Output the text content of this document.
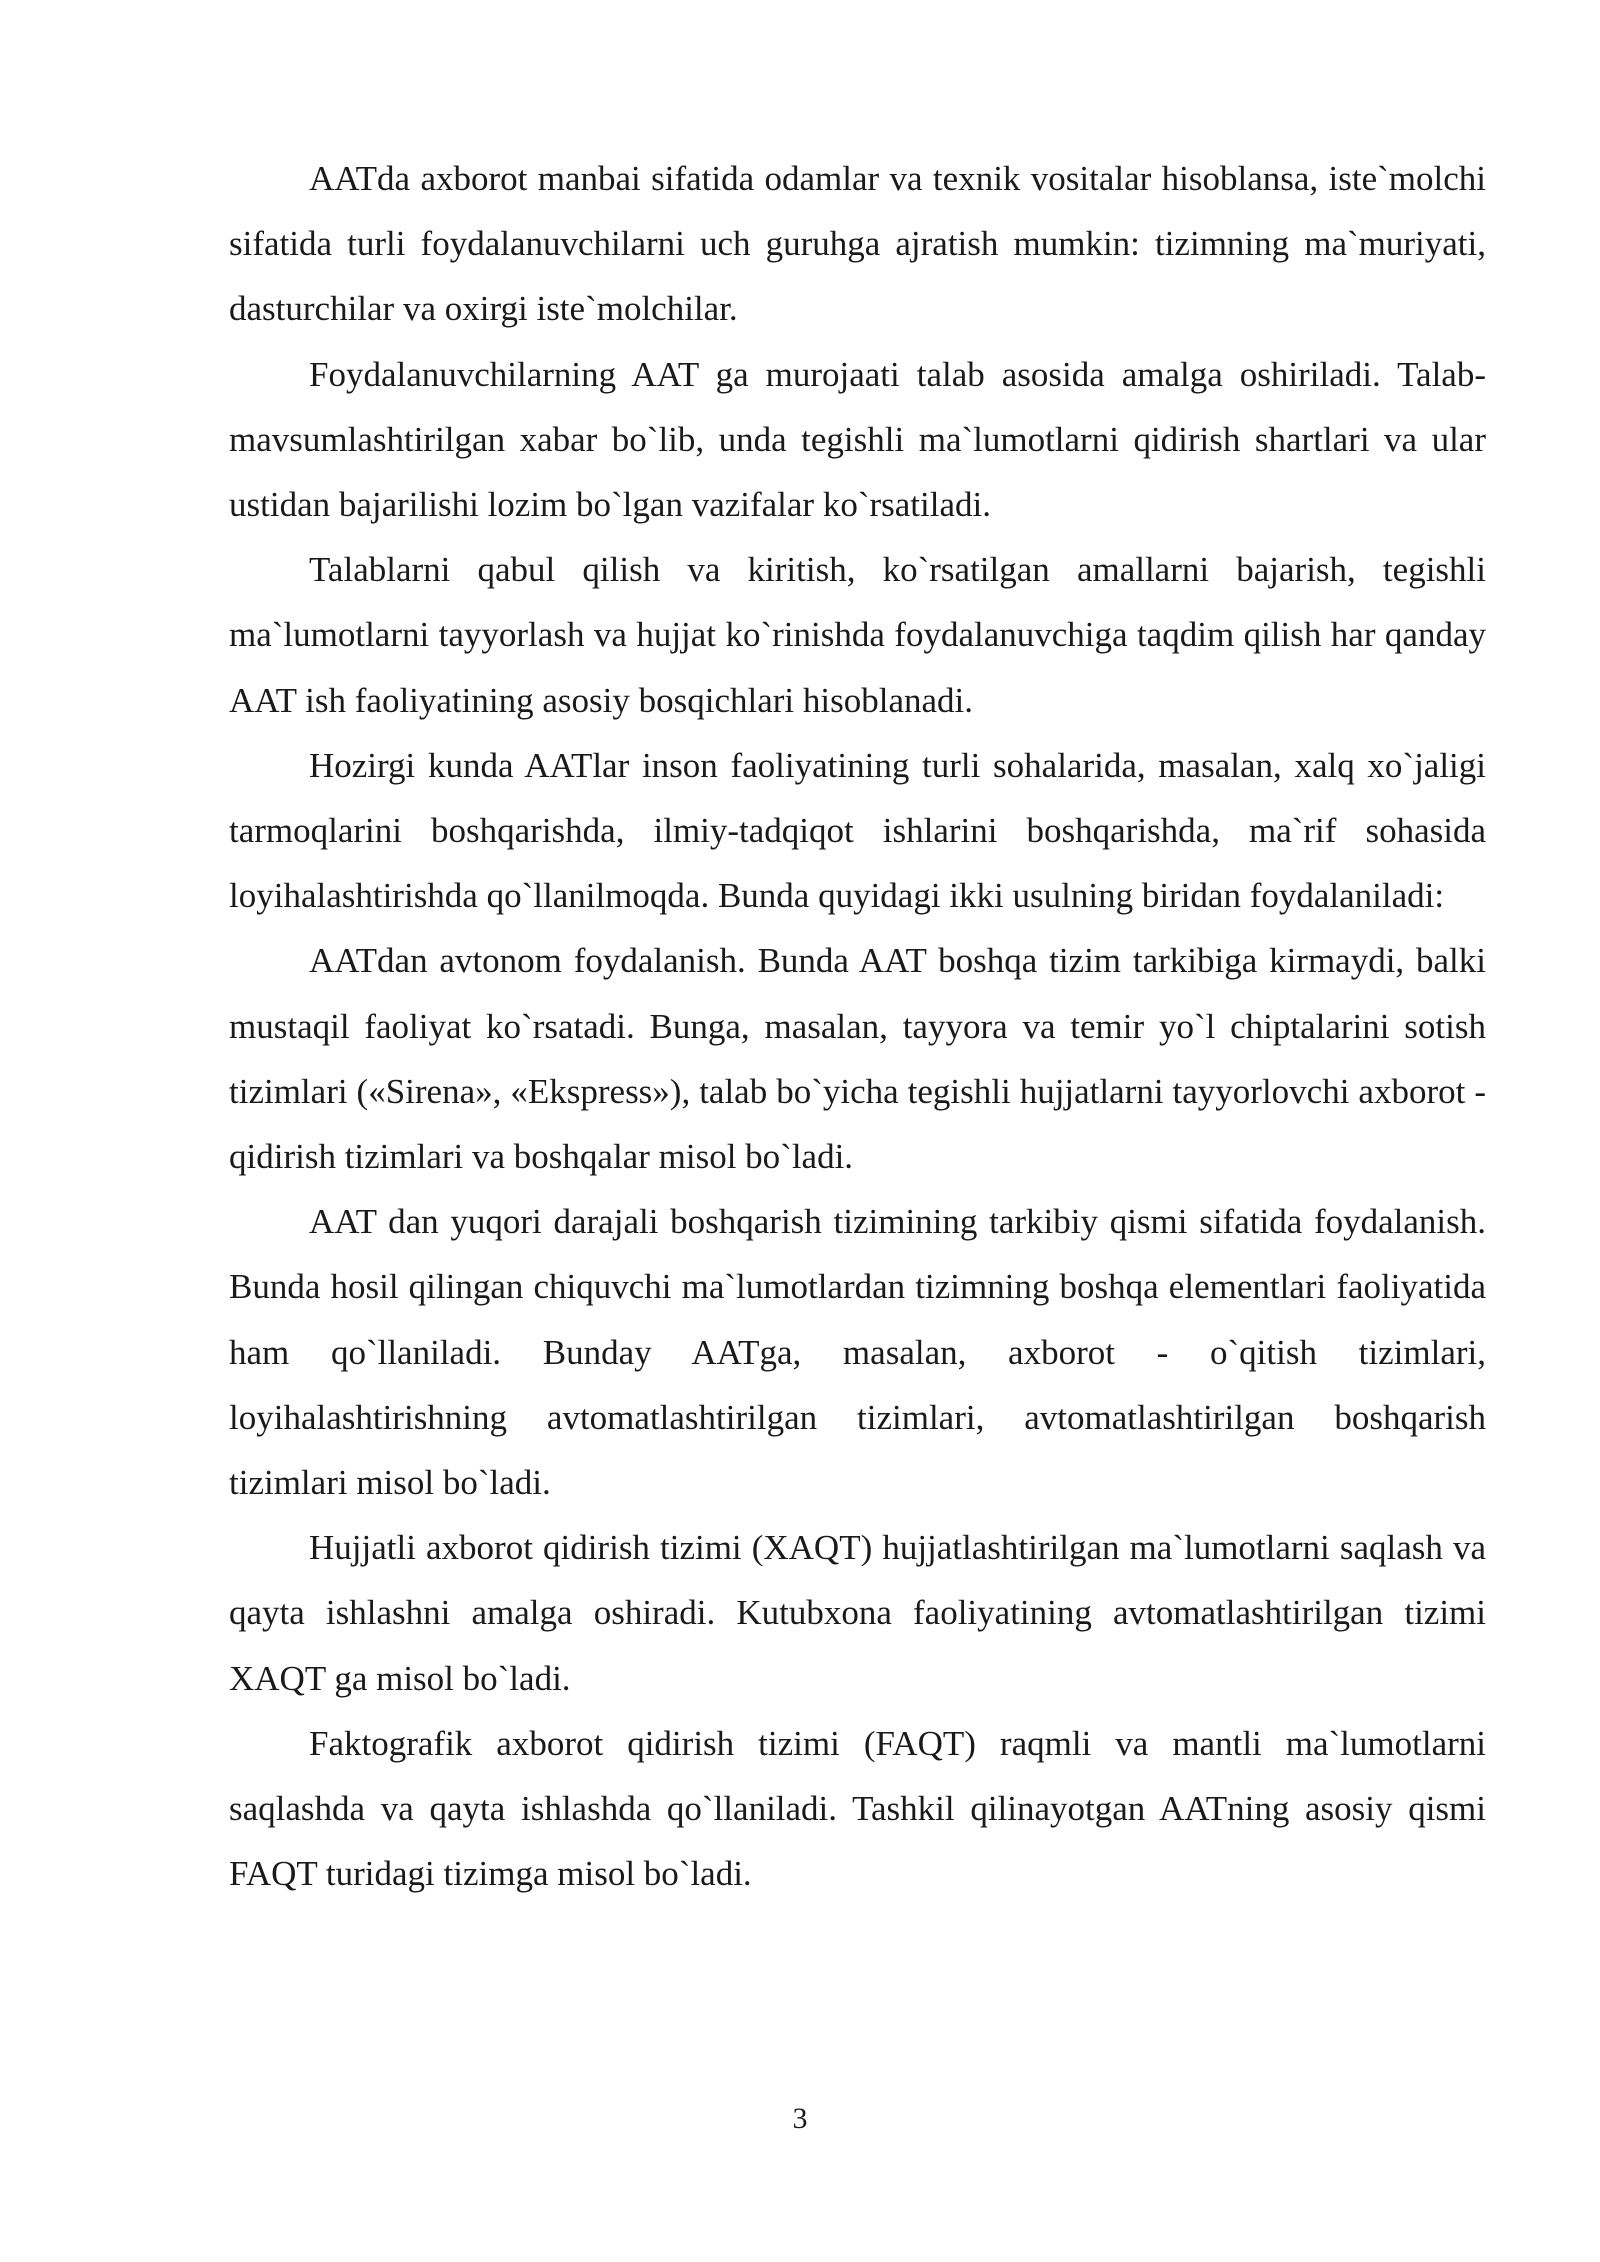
AATda axborot manbai sifatida odamlar va texnik vositalar hisoblansa, iste`molchi sifatida turli foydalanuvchilarni uch guruhga ajratish mumkin: tizimning ma`muriyati, dasturchilar va oxirgi iste`molchilar.

Foydalanuvchilarning AAT ga murojaati talab asosida amalga oshiriladi. Talab-mavsumlashtirilgan xabar bo`lib, unda tegishli ma`lumotlarni qidirish shartlari va ular ustidan bajarilishi lozim bo`lgan vazifalar ko`rsatiladi.

Talablarni qabul qilish va kiritish, ko`rsatilgan amallarni bajarish, tegishli ma`lumotlarni tayyorlash va hujjat ko`rinishda foydalanuvchiga taqdim qilish har qanday AAT ish faoliyatining asosiy bosqichlari hisoblanadi.

Hozirgi kunda AATlar inson faoliyatining turli sohalarida, masalan, xalq xo`jaligi tarmoqlarini boshqarishda, ilmiy-tadqiqot ishlarini boshqarishda, ma`rif sohasida loyihalashtirishda qo`llanilmoqda. Bunda quyidagi ikki usulning biridan foydalaniladi:

AATdan avtonom foydalanish. Bunda AAT boshqa tizim tarkibiga kirmaydi, balki mustaqil faoliyat ko`rsatadi. Bunga, masalan, tayyora va temir yo`l chiptalarini sotish tizimlari («Sirena», «Ekspress»), talab bo`yicha tegishli hujjatlarni tayyorlovchi axborot - qidirish tizimlari va boshqalar misol bo`ladi.

AAT dan yuqori darajali boshqarish tizimining tarkibiy qismi sifatida foydalanish. Bunda hosil qilingan chiquvchi ma`lumotlardan tizimning boshqa elementlari faoliyatida ham qo`llaniladi. Bunday AATga, masalan, axborot - o`qitish tizimlari, loyihalashtirishning avtomatlashtirilgan tizimlari, avtomatlashtirilgan boshqarish tizimlari misol bo`ladi.

Hujjatli axborot qidirish tizimi (XAQT) hujjatlashtirilgan ma`lumotlarni saqlash va qayta ishlashni amalga oshiradi. Kutubxona faoliyatining avtomatlashtirilgan tizimi XAQT ga misol bo`ladi.

Faktografik axborot qidirish tizimi (FAQT) raqmli va mantli ma`lumotlarni saqlashda va qayta ishlashda qo`llaniladi. Tashkil qilinayotgan AATning asosiy qismi FAQT turidagi tizimga misol bo`ladi.

3
